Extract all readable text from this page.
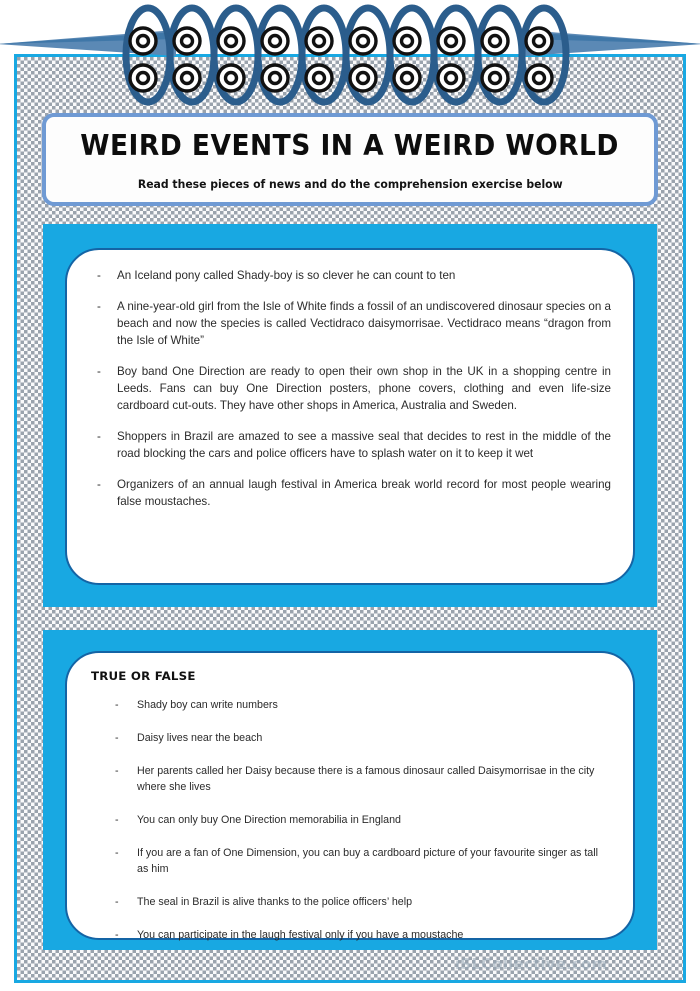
WEIRD EVENTS IN A WEIRD WORLD
Read these pieces of news and do the comprehension exercise below
-	An Iceland pony called Shady-boy is so clever he can count to ten
-	A nine-year-old girl from the Isle of White finds a fossil of an undiscovered dinosaur species on a beach and now the species is called Vectidraco daisymorrisae. Vectidraco means “dragon from the Isle of White”
-	Boy band One Direction are ready to open their own shop in the UK in a shopping centre in Leeds. Fans can buy One Direction posters, phone covers, clothing and even life-size cardboard cut-outs. They have other shops in America, Australia and Sweden.
-	Shoppers in Brazil are amazed to see a massive seal that decides to rest in the middle of the road blocking the cars and police officers have to splash water on it to keep it wet
-	Organizers of an annual laugh festival in America break world record for most people wearing false moustaches.
TRUE OR FALSE
-	Shady boy can write numbers
-	Daisy lives near the beach
-	Her parents called her Daisy because there is a famous dinosaur called Daisymorrisae in the city where she lives
-	You can only buy One Direction memorabilia in England
-	If you are a fan of One Dimension, you can buy a cardboard picture of your favourite singer as tall as him
-	The seal in Brazil is alive thanks to the police officers’ help
-	You can participate in the laugh festival only if you have a moustache
iSLCollective.com
